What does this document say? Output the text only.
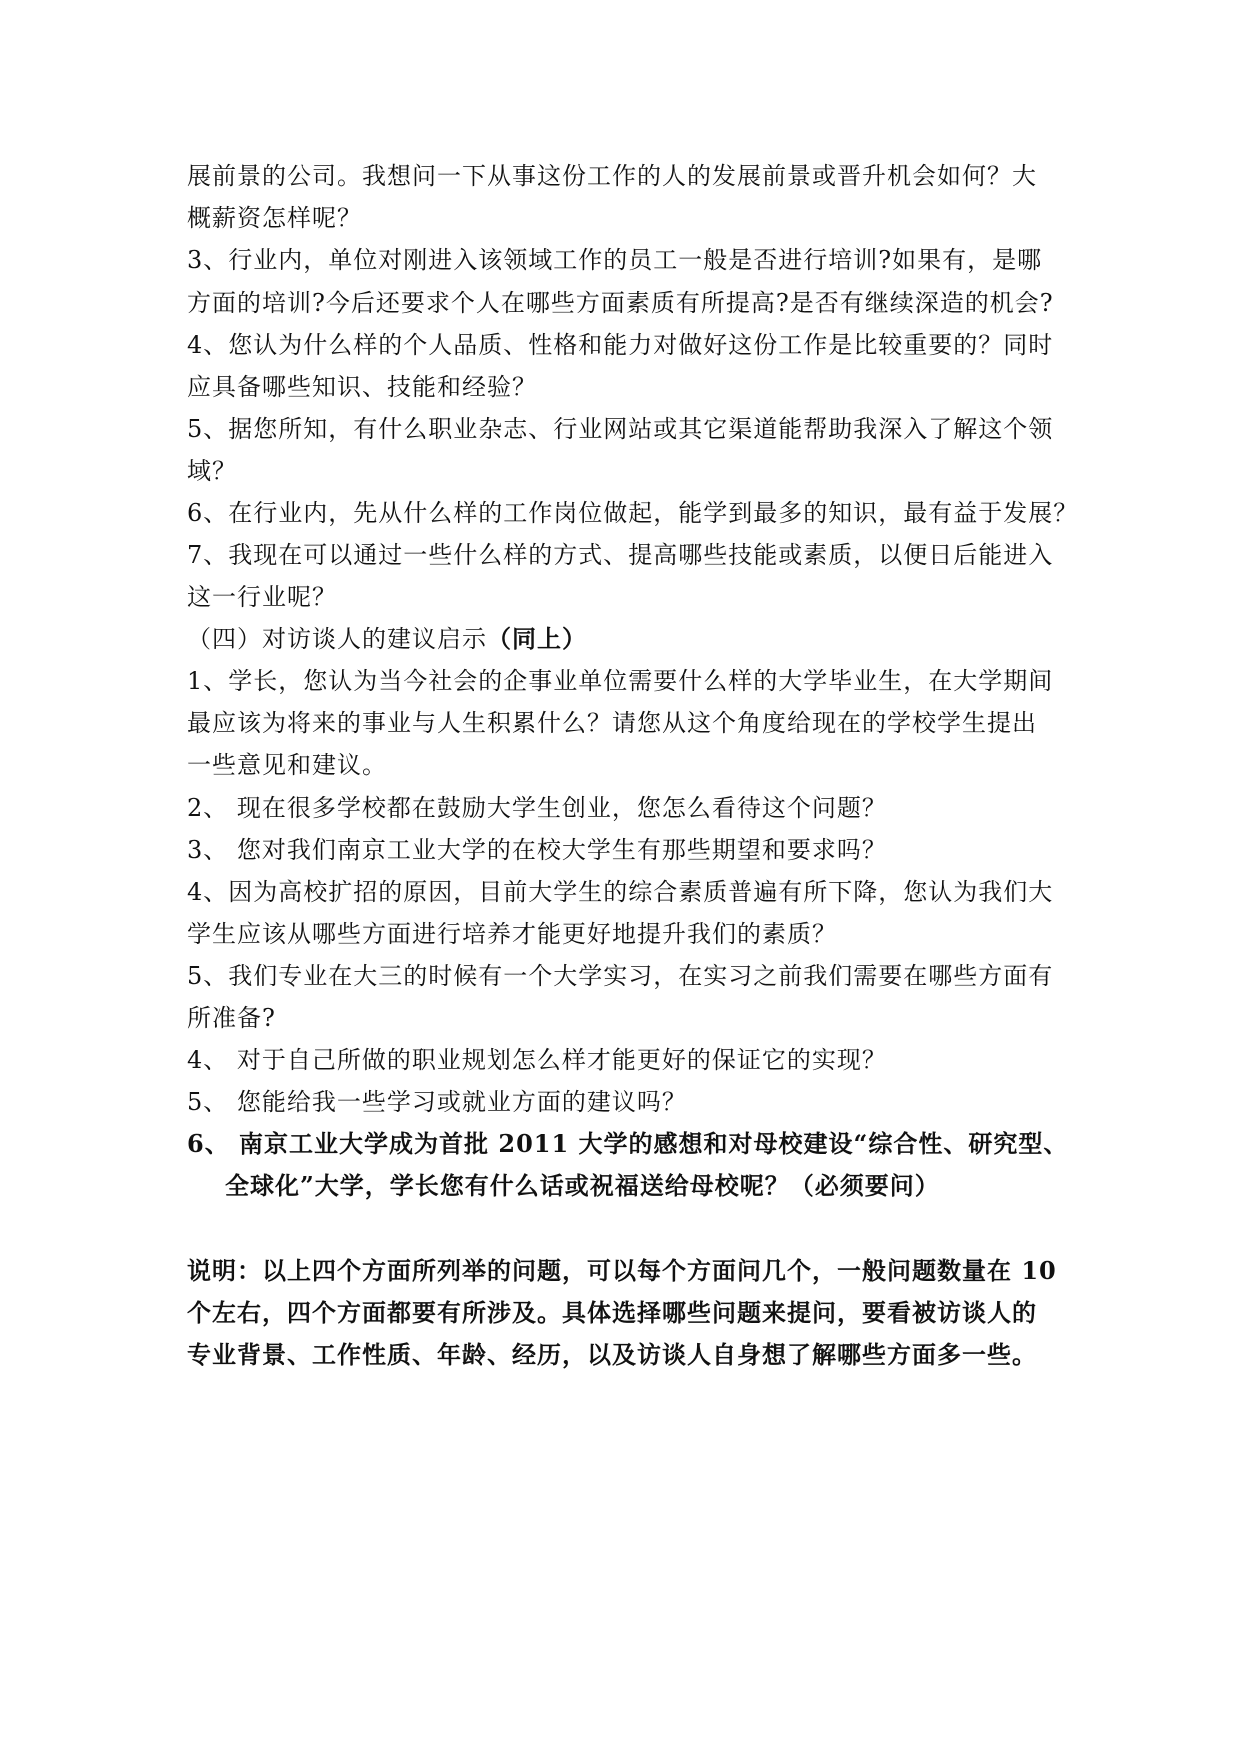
展前景的公司。我想问一下从事这份工作的人的发展前景或晋升机会如何？大
概薪资怎样呢？
3、行业内，单位对刚进入该领域工作的员工一般是否进行培训?如果有，是哪
方面的培训?今后还要求个人在哪些方面素质有所提高?是否有继续深造的机会?
4、您认为什么样的个人品质、性格和能力对做好这份工作是比较重要的？同时
应具备哪些知识、技能和经验？
5、据您所知，有什么职业杂志、行业网站或其它渠道能帮助我深入了解这个领
域？
6、在行业内，先从什么样的工作岗位做起，能学到最多的知识，最有益于发展？
7、我现在可以通过一些什么样的方式、提高哪些技能或素质，以便日后能进入
这一行业呢？
（四）对访谈人的建议启示（同上）
1、学长，您认为当今社会的企事业单位需要什么样的大学毕业生，在大学期间
最应该为将来的事业与人生积累什么？请您从这个角度给现在的学校学生提出
一些意见和建议。
2、 现在很多学校都在鼓励大学生创业，您怎么看待这个问题？
3、 您对我们南京工业大学的在校大学生有那些期望和要求吗？
4、因为高校扩招的原因，目前大学生的综合素质普遍有所下降，您认为我们大
学生应该从哪些方面进行培养才能更好地提升我们的素质？
5、我们专业在大三的时候有一个大学实习，在实习之前我们需要在哪些方面有
所准备?
4、 对于自己所做的职业规划怎么样才能更好的保证它的实现？
5、 您能给我一些学习或就业方面的建议吗？
6、 南京工业大学成为首批 2011 大学的感想和对母校建设“综合性、研究型、
全球化”大学，学长您有什么话或祝福送给母校呢？（必须要问）
说明：以上四个方面所列举的问题，可以每个方面问几个，一般问题数量在 10
个左右，四个方面都要有所涉及。具体选择哪些问题来提问，要看被访谈人的
专业背景、工作性质、年龄、经历，以及访谈人自身想了解哪些方面多一些。
